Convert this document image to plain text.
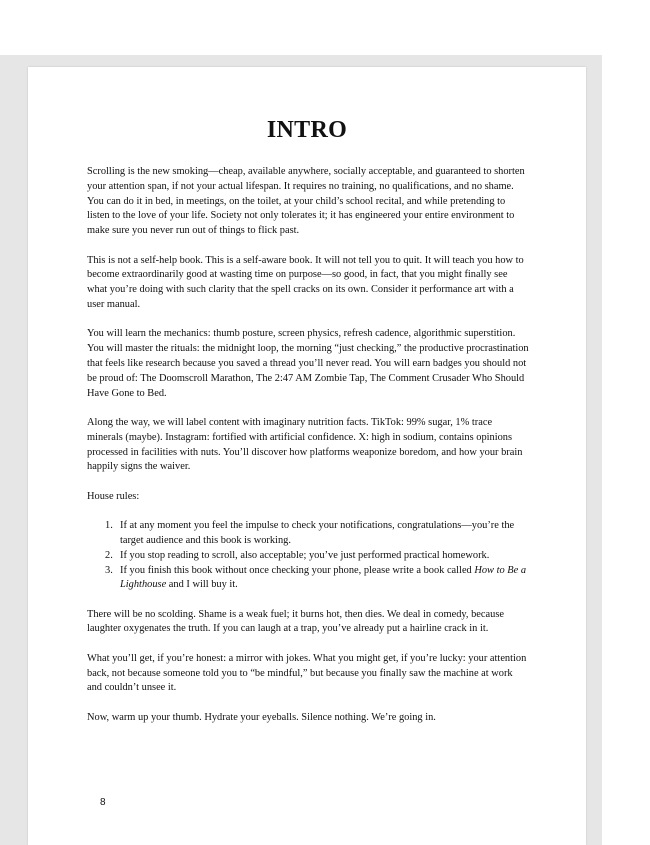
INTRO

Scrolling is the new smoking—cheap, available anywhere, socially acceptable, and guaranteed to shorten your attention span, if not your actual lifespan. It requires no training, no qualifications, and no shame. You can do it in bed, in meetings, on the toilet, at your child’s school recital, and while pretending to listen to the love of your life. Society not only tolerates it; it has engineered your entire environment to make sure you never run out of things to flick past.

This is not a self-help book. This is a self-aware book. It will not tell you to quit. It will teach you how to become extraordinarily good at wasting time on purpose—so good, in fact, that you might finally see what you’re doing with such clarity that the spell cracks on its own. Consider it performance art with a user manual.

You will learn the mechanics: thumb posture, screen physics, refresh cadence, algorithmic superstition. You will master the rituals: the midnight loop, the morning “just checking,” the productive procrastination that feels like research because you saved a thread you’ll never read. You will earn badges you should not be proud of: The Doomscroll Marathon, The 2:47 AM Zombie Tap, The Comment Crusader Who Should Have Gone to Bed.

Along the way, we will label content with imaginary nutrition facts. TikTok: 99% sugar, 1% trace minerals (maybe). Instagram: fortified with artificial confidence. X: high in sodium, contains opinions processed in facilities with nuts. You’ll discover how platforms weaponize boredom, and how your brain happily signs the waiver.

House rules:

1. If at any moment you feel the impulse to check your notifications, congratulations—you’re the target audience and this book is working.
2. If you stop reading to scroll, also acceptable; you’ve just performed practical homework.
3. If you finish this book without once checking your phone, please write a book called How to Be a Lighthouse and I will buy it.

There will be no scolding. Shame is a weak fuel; it burns hot, then dies. We deal in comedy, because laughter oxygenates the truth. If you can laugh at a trap, you’ve already put a hairline crack in it.

What you’ll get, if you’re honest: a mirror with jokes. What you might get, if you’re lucky: your attention back, not because someone told you to “be mindful,” but because you finally saw the machine at work and couldn’t unsee it.

Now, warm up your thumb. Hydrate your eyeballs. Silence nothing. We’re going in.

8
